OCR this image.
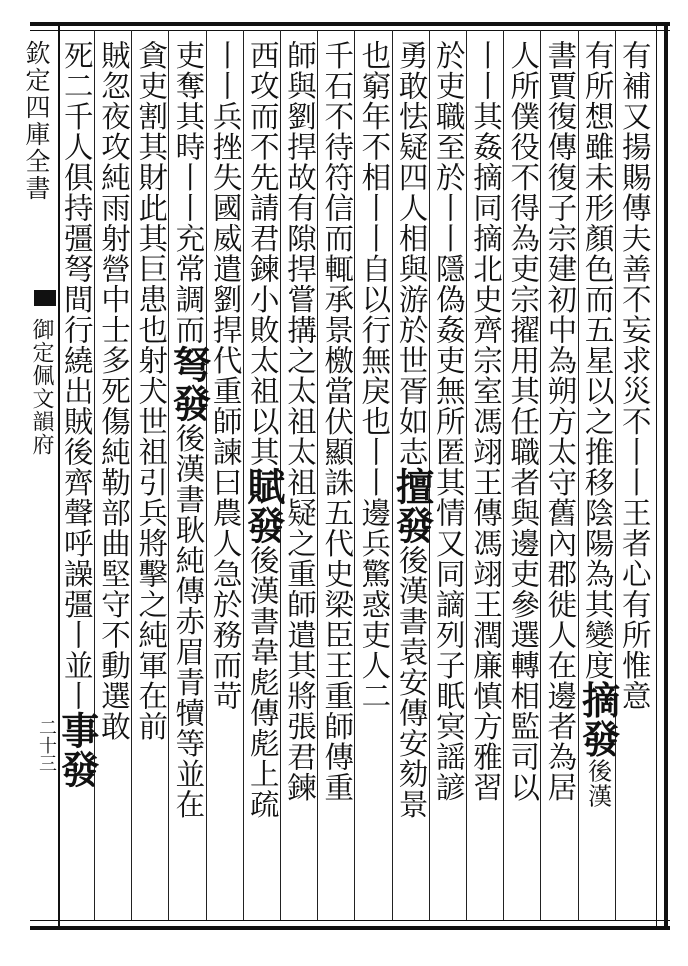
欽定四庫全書
御定佩文韻府
二十三
有補又揚賜傳夫善不妄求災不丨丨王者心有所惟意
有所想雖未形顏色而五星以之推移陰陽為其變度摘發後漢
書賈復傳復子宗建初中為朔方太守舊內郡徙人在邊者為居
人所僕役不得為吏宗擢用其任職者與邊吏參選轉相監司以
丨丨其姦摘同摘北史齊宗室馮翊王傳馮翊王潤廉慎方雅習
於吏職至於丨丨隱偽姦吏無所匿其情又同謫列子眂㝠謡諺
勇敢怯疑四人相與游於世胥如志擅發後漢書袁安傳安劾景
也窮年不相丨丨自以行無戾也丨丨邊兵驚惑吏人二
千石不待符信而輒承景檄當伏顯誅五代史梁臣王重師傳重
師與劉捍故有隙捍嘗搆之太祖太祖疑之重師遣其將張君鍊
西攻而不先請君鍊小敗太祖以其賦發後漢書韋彪傳彪上疏
丨丨兵挫失國威遣劉捍代重師諫曰農人急於務而苛
吏奪其時丨丨充常調而弩發後漢書耿純傳赤眉青犢等並在
貪吏割其財此其巨患也射犬世祖引兵將擊之純軍在前
賊忽夜攻純雨射營中士多死傷純勒部曲堅守不動選敢
死二千人俱持彊弩間行繞出賊後齊聲呼譟彊丨並丨事發
